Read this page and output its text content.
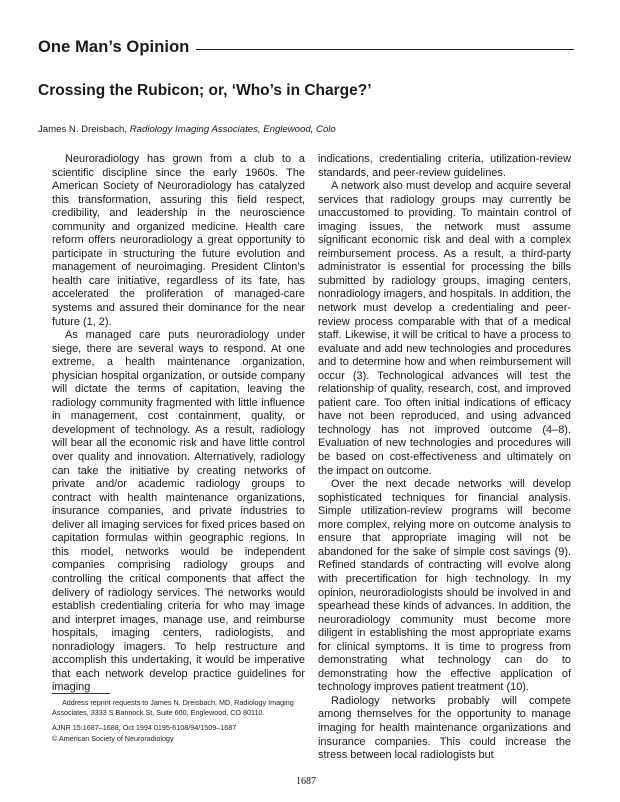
One Man’s Opinion
Crossing the Rubicon; or, ‘Who’s in Charge?’
James N. Dreisbach, Radiology Imaging Associates, Englewood, Colo

Neuroradiology has grown from a club to a scientific discipline since the early 1960s. The American Society of Neuroradiology has catalyzed this transformation, assuring this field respect, credibility, and leadership in the neuroscience community and organized medicine. Health care reform offers neuroradiology a great opportunity to participate in structuring the future evolution and management of neuroimaging. President Clinton’s health care initiative, regardless of its fate, has accelerated the proliferation of managed-care systems and assured their dominance for the near future (1, 2).

As managed care puts neuroradiology under siege, there are several ways to respond. At one extreme, a health maintenance organization, physician hospital organization, or outside company will dictate the terms of capitation, leaving the radiology community fragmented with little influence in management, cost containment, quality, or development of technology. As a result, radiology will bear all the economic risk and have little control over quality and innovation. Alternatively, radiology can take the initiative by creating networks of private and/or academic radiology groups to contract with health maintenance organizations, insurance companies, and private industries to deliver all imaging services for fixed prices based on capitation formulas within geographic regions. In this model, networks would be independent companies comprising radiology groups and controlling the critical components that affect the delivery of radiology services. The networks would establish credentialing criteria for who may image and interpret images, manage use, and reimburse hospitals, imaging centers, radiologists, and nonradiology imagers. To help restructure and accomplish this undertaking, it would be imperative that each network develop practice guidelines for imaging

indications, credentialing criteria, utilization-review standards, and peer-review guidelines.

A network also must develop and acquire several services that radiology groups may currently be unaccustomed to providing. To maintain control of imaging issues, the network must assume significant economic risk and deal with a complex reimbursement process. As a result, a third-party administrator is essential for processing the bills submitted by radiology groups, imaging centers, nonradiology imagers, and hospitals. In addition, the network must develop a credentialing and peer-review process comparable with that of a medical staff. Likewise, it will be critical to have a process to evaluate and add new technologies and procedures and to determine how and when reimbursement will occur (3). Technological advances will test the relationship of quality, research, cost, and improved patient care. Too often initial indications of efficacy have not been reproduced, and using advanced technology has not improved outcome (4–8). Evaluation of new technologies and procedures will be based on cost-effectiveness and ultimately on the impact on outcome.

Over the next decade networks will develop sophisticated techniques for financial analysis. Simple utilization-review programs will become more complex, relying more on outcome analysis to ensure that appropriate imaging will not be abandoned for the sake of simple cost savings (9). Refined standards of contracting will evolve along with precertification for high technology. In my opinion, neuroradiologists should be involved in and spearhead these kinds of advances. In addition, the neuroradiology community must become more diligent in establishing the most appropriate exams for clinical symptoms. It is time to progress from demonstrating what technology can do to demonstrating how the effective application of technology improves patient treatment (10).

Radiology networks probably will compete among themselves for the opportunity to manage imaging for health maintenance organizations and insurance companies. This could increase the stress between local radiologists but

Address reprint requests to James N. Dreisbach, MD, Radiology Imaging Associates, 3333 S Bannock St, Suite 600, Englewood, CO 80110.

AJNR 15:1687–1688, Oct 1994 0195-6108/94/1509–1687

© American Society of Neuroradiology

1687
